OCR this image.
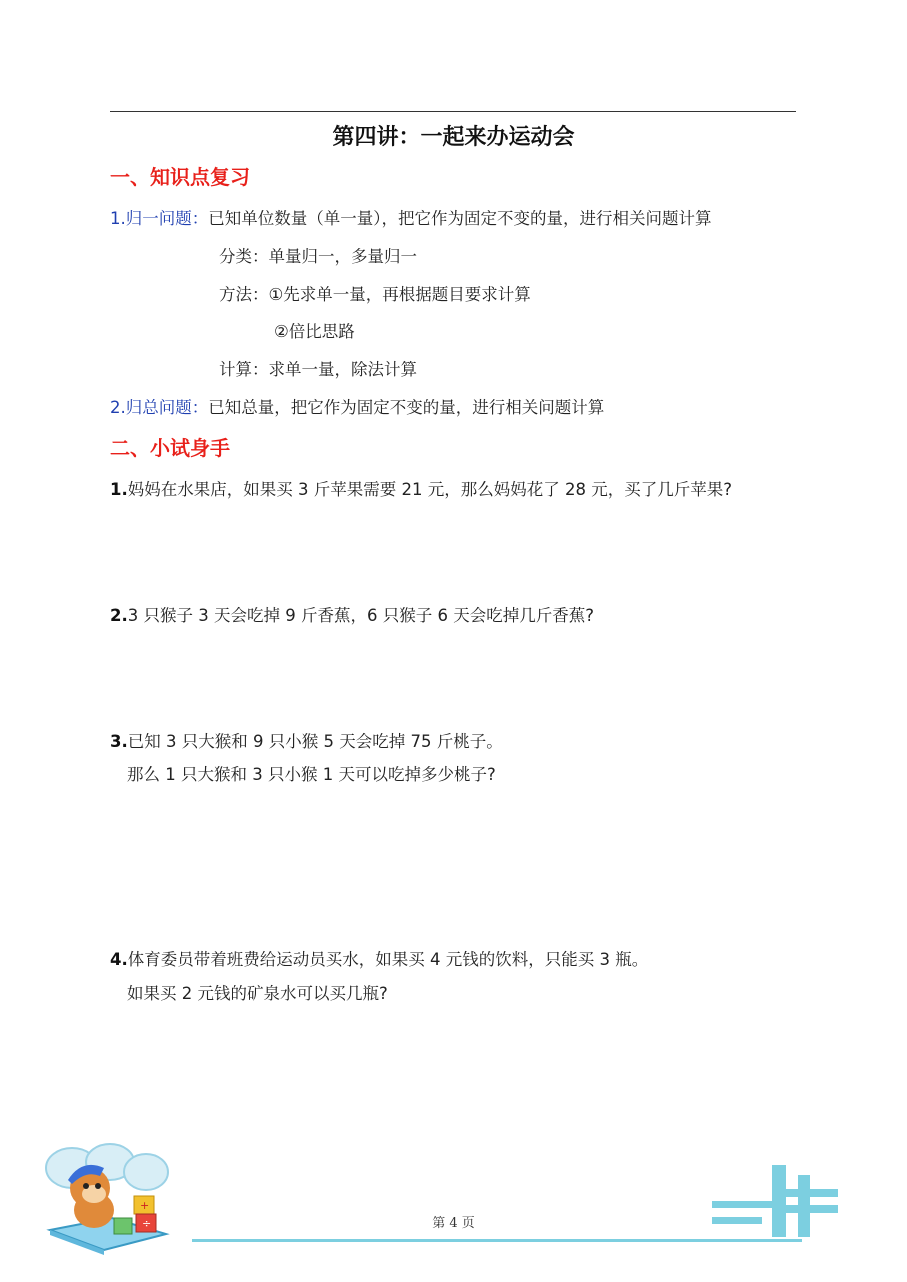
第四讲：一起来办运动会
一、知识点复习
1.归一问题：已知单位数量（单一量），把它作为固定不变的量，进行相关问题计算
分类：单量归一，多量归一
方法：①先求单一量，再根据题目要求计算
②倍比思路
计算：求单一量，除法计算
2.归总问题：已知总量，把它作为固定不变的量，进行相关问题计算
二、小试身手
1.妈妈在水果店，如果买 3 斤苹果需要 21 元，那么妈妈花了 28 元，买了几斤苹果?
2.3 只猴子 3 天会吃掉 9 斤香蕉，6 只猴子 6 天会吃掉几斤香蕉?
3.已知 3 只大猴和 9 只小猴 5 天会吃掉 75 斤桃子。
那么 1 只大猴和 3 只小猴 1 天可以吃掉多少桃子?
4.体育委员带着班费给运动员买水，如果买 4 元钱的饮料，只能买 3 瓶。
如果买 2 元钱的矿泉水可以买几瓶?
+
÷	第 4 页
